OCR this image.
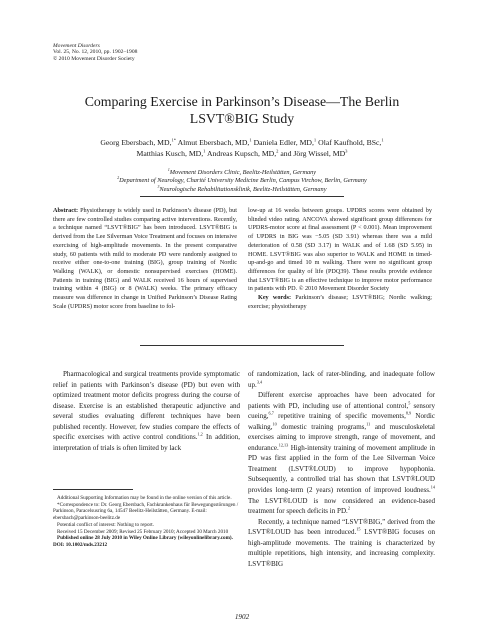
Movement Disorders
Vol. 25, No. 12, 2010, pp. 1902–1908
© 2010 Movement Disorder Society
Comparing Exercise in Parkinson’s Disease—The Berlin
LSVT®BIG Study
Georg Ebersbach, MD,$^{1*}$ Almut Ebersbach, MD,$^1$ Daniela Edler, MD,$^1$ Olaf Kaufhold, BSc,$^1$
Matthias Kusch, MD,$^1$ Andreas Kupsch, MD,$^2$ and Jörg Wissel, $MD^3$
$^1$Movement Disorders Clinic, Beelitz-Heilstätten, Germany
$^2$Department of Neurology, Charité University Medicine Berlin, Campus Virchow, Berlin, Germany
$^3$Neurologische Rehabilitationsklinik, Beelitz-Heilstätten, Germany
Abstract: Physiotherapy is widely used in Parkinson’s disease (PD), but there are few controlled studies comparing active interventions. Recently, a technique named “LSVT®BIG” has been introduced. LSVT®BIG is derived from the Lee Silverman Voice Treatment and focuses on intensive exercising of high-amplitude movements. In the present comparative study, 60 patients with mild to moderate PD were randomly assigned to receive either one-to-one training (BIG), group training of Nordic Walking (WALK), or domestic nonsupervised exercises (HOME). Patients in training (BIG) and WALK received 16 hours of supervised training within 4 (BIG) or 8 (WALK) weeks. The primary efficacy measure was difference in change in Unified Parkinson’s Disease Rating Scale (UPDRS) motor score from baseline to fol-
low-up at 16 weeks between groups. UPDRS scores were obtained by blinded video rating. ANCOVA showed significant group differences for UPDRS-motor score at final assessment (P < 0.001). Mean improvement of UPDRS in BIG was −5.05 (SD 3.91) whereas there was a mild deterioration of 0.58 (SD 3.17) in WALK and of 1.68 (SD 5.95) in HOME. LSVT®BIG was also superior to WALK and HOME in timed-up-and-go and timed 10 m walking. There were no significant group differences for quality of life (PDQ39). These results provide evidence that LSVT®BIG is an effective technique to improve motor performance in patients with PD. © 2010 Movement Disorder Society
Key words: Parkinson’s disease; LSVT®BIG; Nordic walking; exercise; physiotherapy
Pharmacological and surgical treatments provide symptomatic relief in patients with Parkinson’s disease (PD) but even with optimized treatment motor deficits progress during the course of disease. Exercise is an established therapeutic adjunctive and several studies evaluating different techniques have been published recently. However, few studies compare the effects of specific exercises with active control conditions.$^{1,2}$ In addition, interpretation of trials is often limited by lack

of randomization, lack of rater-blinding, and inadequate follow up.$^{3,4}$

Different exercise approaches have been advocated for patients with PD, including use of attentional control,$^5$ sensory cueing,$^{6,7}$ repetitive training of specific movements,$^{8,9}$ Nordic walking,$^{10}$ domestic training programs,$^{11}$ and musculoskeletal exercises aiming to improve strength, range of movement, and endurance.$^{12,13}$ High-intensity training of movement amplitude in PD was first applied in the form of the Lee Silverman Voice Treatment (LSVT®LOUD) to improve hypophonia. Subsequently, a controlled trial has shown that LSVT®LOUD provides long-term (2 years) retention of improved loudness.$^{14}$ The LSVT®LOUD is now considered an evidence-based treatment for speech deficits in PD.$^2$

Recently, a technique named “LSVT®BIG,” derived from the LSVT®LOUD has been introduced.$^{15}$ LSVT®BIG focuses on high-amplitude movements. The training is characterized by multiple repetitions, high intensity, and increasing complexity. LSVT®BIG

Additional Supporting Information may be found in the online version of this article.

*Correspondence to: Dr. Georg Ebersbach, Fachkrankenhaus für Bewegungsstörungen / Parkinson, Paracelsusring 6a, 14547 Beelitz-Heilstätten, Germany. E-mail: ebersbach@parkinson-beelitz.de

Potential conflict of interest: Nothing to report.

Received 15 December 2009; Revised 25 February 2010; Accepted 30 March 2010

Published online 28 July 2010 in Wiley Online Library (wileyonlinelibrary.com). DOI: 10.1002/mds.23212

1902
